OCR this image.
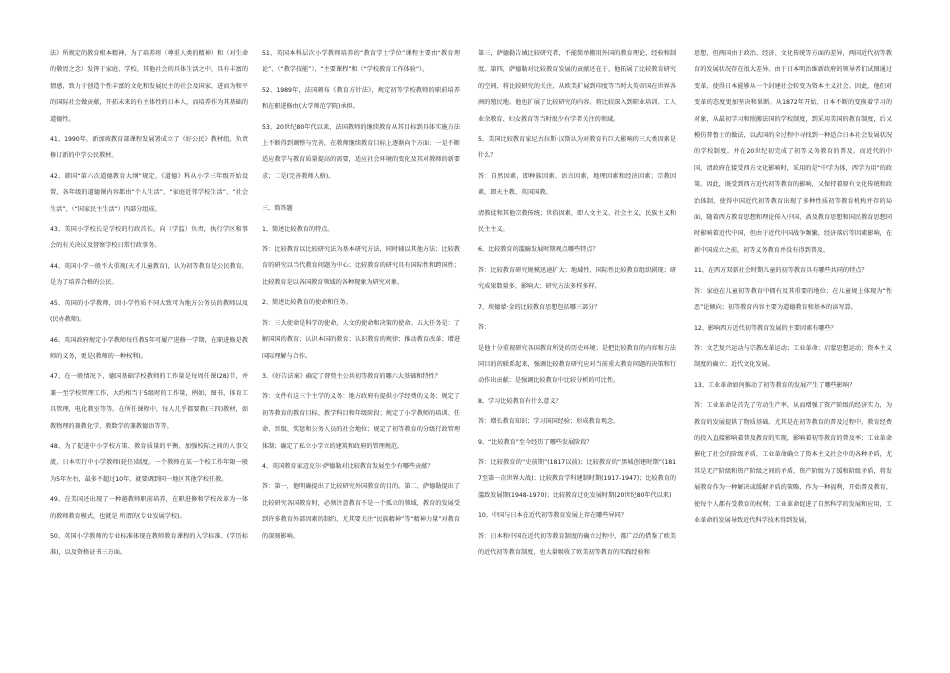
法》所规定的教育根本精神，为了培养将（尊重人类的精神）和（对生命的敬畏之念）发挥于家庭、学校、其他社会的具体生活之中，具有丰富的情感，致力于创造个性丰富的文化和发展民主的社会及国家，进而为和平的国际社会做贡献，开拓未来的有主体性的日本人，而培养作为其基础的道德性。

41、1990年，新加坡教育部课程发展署成立了《好公民》教材组，负责修订新的中学公民教材。

42、韩国“第六次道德教育大纲”规定，《道德》科从小学三年级开始设置，各年级的道德课内容都由“个人生活”、“家庭近邻学校生活”、“社会生活”、（“国家民主生活”）四部分组成。

43、美国小学校长是学校的行政首长，向（学监）负责，执行学区和事会的有关决议及督察学校日常行政事务。

44、英国小学一般不大重视(天才儿童教育)，认为初等教育是公民教育，是为了培养合格的公民。

45、英国的小学教师，因小学性质不同大致可为地方公务员的教师以及(民办教师)。

46、英国政府规定小学教师每任教5年可履产进修一学期，在职进修是教师的义务，更是(教师的一种权利)。

47、在一般情况下，德国基础学校教师的工作量是每周任课(28)节，并兼一至学校管理工作，大约相当于5级时的工作量，例如，图书，体育工具管理，电化教室等等。在所任课程中，每人几乎都要教(三四)教材，如教物理的兼教化学，教数学的兼教德语等等。

48、为了促进中小学校方策、教育质量的平衡，加强校际之间的人事交流，日本实行中小学教师(轮任)制度。一个教师在某一个校工作年限一般为5年左右，最多不超过10年，就要调到同一地区其他学校任教。

49、在美国还出现了一种越教师职前培养，在职进修和学校改革为一体的教师教育模式，也就是 所谓的(专业发展学校)。

50、英国小学教师的专业标准体现在教师教育课程的入学标准、(学历标准)，以及资格证书三方面。

51、英国本科层次小学教师培养的“教育学士学位”课程主要由“教育理论”、（“教学技能”）、“主要课程”和（“学校教育工作体验”）。

52、1989年，法国颁布《教育方针法》，规定初等学校教师的职前培养和在职进修由(大学师范学院)承担。

53、20世纪80年代以来，法国教师的继续教育从其目标到具体实施方法上不断得到调整与完善，在教师继续教育目标上逐渐向个方面：一是不断适应教学与教育质量提高的需要，适应社会环境的变化及其对教师的新要求；二是(完善教师人格)。

三、简答题

1、简述比较教育的特点。

答：比较教育以比较研究法为基本研究方法，同时辅以其他方法；比较教育的研究以当代教育问题为中心；比较教育的研究具有国际性和跨国性；比较教育是以各国教育领域的各种现象为研究对象。

2、简述比较教育的使命和任务。

答：三大使命是科学的使命，人文的使命和决策的使命。五大任务是：了解国国的教育；认识本国的教育；认识教育的规律；推动教育改革；增进国际理解与合作。

3、《好告法案》确定了督势主公共初等教育的哪六大基础和特性？

答：文件有这三个主学的义务：地方政府有提供小学经费的义务；规定了初等教育的教育目标、教学科目和年级阶段；规定了小学教师的培训、任命、晋级、奖惩和公务人员的社会地位；规定了初等教育的分级行政管理体制；确定了私立小学立的建筑和政府的管理规范。

4、英国教育家迈克尔·萨德勒对比较教育发展至少有哪些贡献？

答：第一，他明确提出了比较研究外国教育的目的。第二，萨德勒提出了比较研究各国教育时，必须注意教育不是一个孤立的领域，教育的发展受到许多教育外部因素的制约，尤其要关注“民族精神”等“精神力量”对教育的深刻影响。

第三，萨德勒告诫比较研究者，不能简单搬用外国的教育理论，经验和制度。第四，萨德勒对比较教育发展的贡献还在于，他拓展了比较教育研究的空间，将比较研究的关注，从欧美扩展到印度等当时大英帝国在世界各洲的殖民地。他也扩展了比较研究的内容，将比较深入到职业培训、工人业余教育、妇女教育等当时很少有学者关注的领域。

5、美国比较教育家尼古拉斯·汉斯认为对教育有巨大影响的三大类因素是什么？

答：自然因素，即种族因素、语言因素，地理因素和经济因素；宗教因素，即天主教、英国国教。

清教徒和其他宗教传统；世俗因素，即人文主义、社会主义，民族主义和民主主义。

6、比较教育的滥觞发展时期观点哪些特点？

答：比较教育研究规模迅速扩大；地域性、国际性比较教育组织剧现；研究成果数量多、影响大；研究方法多样多样。

7、埃德蒙·金的比较教育思想包括哪三部分？

答：

是他十分重视研究各国教育所处的历史环境；是把比较教育的内容和方法同目的的联系起来，强调比较教育研究应对当前重大教育问题的决策和行动作出贡献；是强调比较教育中比较分析的可比性。

8、学习比较教育有什么意义？

答：增长教育知识；学习国国经验；形成教育观念。

9、“比较教育”至今经历了哪些发展阶段？

答：比较教育的“史前期”(1817以前)；比较教育的“黑城创建时期”(1817至第一次世界大战)；比较教育学科建制时期(1917-1947)；比较教育的滥致发展期(1948-1970)；比较教育迁化发展时期(20世纪80年代以来)

10、中国与日本在近代初等教育发展上存在哪些异同？

答：日本和中国在近代初等教育制度的确立过程中，都广泛的借鉴了欧美的近代初等教育制度，也大量吸收了欧美初等教育的实践经验和

思想，但两国由于政治、经济、文化传统等方面的差异，两国近代初等教育的发展状况存在很大差异。由于日本明治维新政府的领导者们试图通过变革，使得日本能够从一个封建社会转变为资本主义社会。因此，他们对变革的态度更加坚决和果断。从1872年开始，日本不断的变换着学习的对象，从最初学习和照搬法国的学校制度，到采用美国的教育制度，后又模仿普鲁士的做法，以武国的全过程中寻找到一种适合日本社会发展状况的学校制度。并在20世纪初完成了初等义务教育的普及。而近代的中国，清政府在接受西方文化影响时，采用的是“中学为体，西学为用”的政策。因此，既受到西方近代初等教育的影响，又保持着原有文化传统和政治体制，使得中国近代初等教育出现了多种性质初等教育机构并存的局面，随着西方教育思想和理论传入中国，斋及教育思想和国民教育思想同时影响着近代中国，但由于近代中国战争频繁，经济落后等因素影响，在新中国成立之前，初等义务教育并没有得到普及。

11、在西方双新社会时期儿童的初等教育具有哪些共同的特点？

答：家庭在儿童初等教育中拥有及其重要的地位；在儿童规上体现为“性恶”论倾向；初等教育内容主要为道德教育和基本的读写算。

12、影响西方近代初等教育发展的主要因素有哪些？

答：文艺复兴运动与宗教改革运动；工业革命；启蒙思想运动；资本主义制度的确立；近代文化发展。

13、工业革命如何推动了初等教育的发展产生了哪些影响？

答：工业革命是首先了劳动生产率，从而增强了资产阶级的经济实力，为教育的发展提供了物质基础。尤其是在初等教育的普及过程中，教育经费的投入直接影响着普及教育的实现，影响着初等教育的普及率；工业革命催化了社会的阶级矛盾，工业革命确立了资本主义社会中的各种矛盾，尤其是无产阶级和资产阶级之间的矛盾，资产阶级为了缓和阶级矛盾，将发展教育作为一种解决或缓解矛盾的策略，作为一种福利，开始普及教育，使每个人都有受教育的权利；工业革命促进了自然科学的发展和应用，工业革命的发展导致近代科学技术得到发展，
